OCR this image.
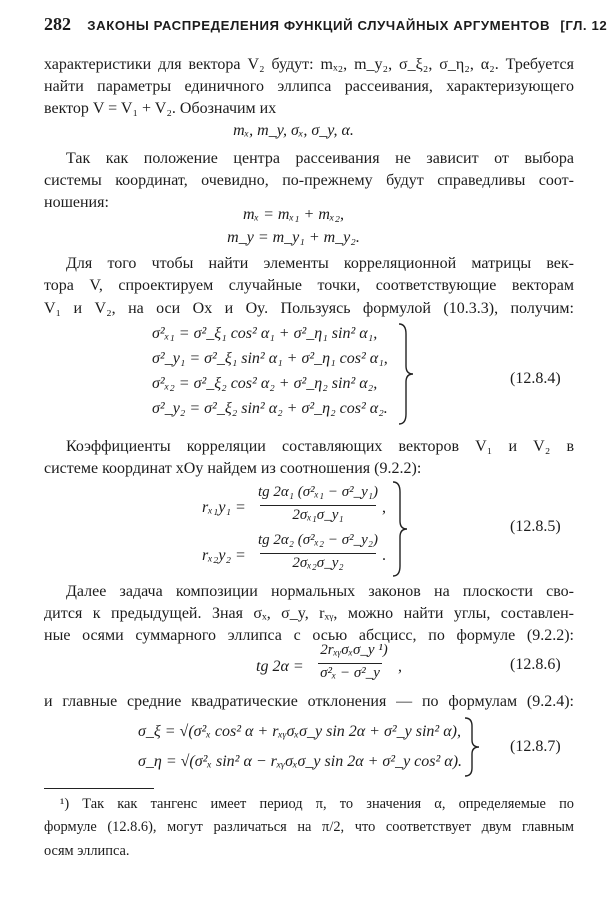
282 ЗАКОНЫ РАСПРЕДЕЛЕНИЯ ФУНКЦИЙ СЛУЧАЙНЫХ АРГУМЕНТОВ [ГЛ. 12
характеристики для вектора V₂ будут: mₓ₂, m_y₂, σ_ξ₂, σ_η₂, α₂. Требуется
найти параметры единичного эллипса рассеивания, характеризующего
вектор V = V₁ + V₂. Обозначим их
mₓ, m_y, σₓ, σ_y, α.
Так как положение центра рассеивания не зависит от выбора
системы координат, очевидно, по-прежнему будут справедливы соот-
ношения:
mₓ = mₓ₁ + mₓ₂,
m_y = m_y₁ + m_y₂.
Для того чтобы найти элементы корреляционной матрицы век-
тора V, спроектируем случайные точки, соответствующие векторам
V₁ и V₂, на оси Ox и Oy. Пользуясь формулой (10.3.3), получим:
σ²ₓ₁ = σ²_ξ₁ cos² α₁ + σ²_η₁ sin² α₁,
σ²_y₁ = σ²_ξ₁ sin² α₁ + σ²_η₁ cos² α₁,
σ²ₓ₂ = σ²_ξ₂ cos² α₂ + σ²_η₂ sin² α₂,
σ²_y₂ = σ²_ξ₂ sin² α₂ + σ²_η₂ cos² α₂.
(12.8.4)
Коэффициенты корреляции составляющих векторов V₁ и V₂ в
системе координат xOy найдем из соотношения (9.2.2):
rₓ₁y₁ =
tg 2α₁ (σ²ₓ₁ − σ²_y₁)
2σₓ₁σ_y₁	,
rₓ₂y₂ =
tg 2α₂ (σ²ₓ₂ − σ²_y₂)
2σₓ₂σ_y₂	.
(12.8.5)
Далее задача композиции нормальных законов на плоскости сво-
дится к предыдущей. Зная σₓ, σ_y, rₓᵧ, можно найти углы, составлен-
ные осями суммарного эллипса с осью абсцисс, по формуле (9.2.2):
tg 2α =
2rₓᵧσₓσ_y ¹)
σ²ₓ − σ²_y	,	(12.8.6)
и главные средние квадратические отклонения — по формулам (9.2.4):
σ_ξ = √(σ²ₓ cos² α + rₓᵧσₓσ_y sin 2α + σ²_y sin² α),
σ_η = √(σ²ₓ sin² α − rₓᵧσₓσ_y sin 2α + σ²_y cos² α).
(12.8.7)
¹) Так как тангенс имеет период π, то значения α, определяемые по
формуле (12.8.6), могут различаться на π/2, что соответствует двум главным
осям эллипса.
